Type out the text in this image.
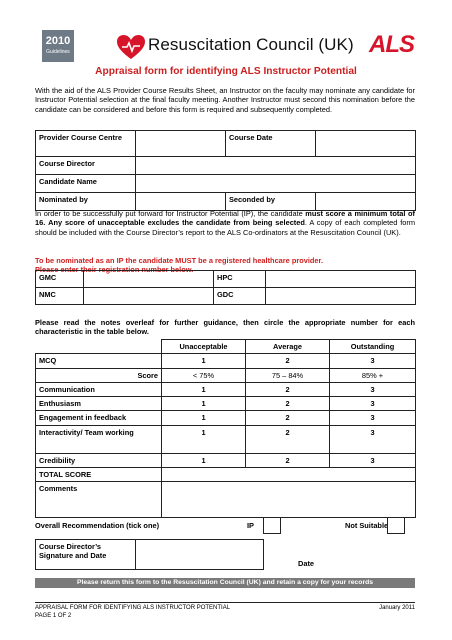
2010
Guidelines	Resuscitation Council (UK) ALS
Appraisal form for identifying ALS Instructor Potential

With the aid of the ALS Provider Course Results Sheet, an Instructor on the faculty may nominate any candidate for Instructor Potential selection at the final faculty meeting. Another Instructor must second this nomination before the candidate can be considered and before this form is required and subsequently completed.

Provider Course Centre		Course Date	
Course Director			
Candidate Name			
Nominated by		Seconded by	

In order to be successfully put forward for Instructor Potential (IP), the candidate must score a minimum total of 16. Any score of unacceptable excludes the candidate from being selected. A copy of each completed form should be included with the Course Director’s report to the ALS Co-ordinators at the Resuscitation Council (UK).

To be nominated as an IP the candidate MUST be a registered healthcare provider.
Please enter their registration number below.

GMC		HPC	
NMC		GDC	

Please read the notes overleaf for further guidance, then circle the appropriate number for each characteristic in the table below.

	Unacceptable	Average	Outstanding
MCQ	1	2	3
Score	< 75%	75 – 84%	85% +
Communication	1	2	3
Enthusiasm	1	2	3
Engagement in feedback	1	2	3
Interactivity/ Team working	1	2	3
Credibility	1	2	3
TOTAL SCORE			
Comments			
Overall Recommendation (tick one)	IP	Not Suitable
Course Director’s Signature and Date	
Date
Please return this form to the Resuscitation Council (UK) and retain a copy for your records
APPRAISAL FORM FOR IDENTIFYING ALS INSTRUCTOR POTENTIAL
PAGE 1 OF 2
January 2011
